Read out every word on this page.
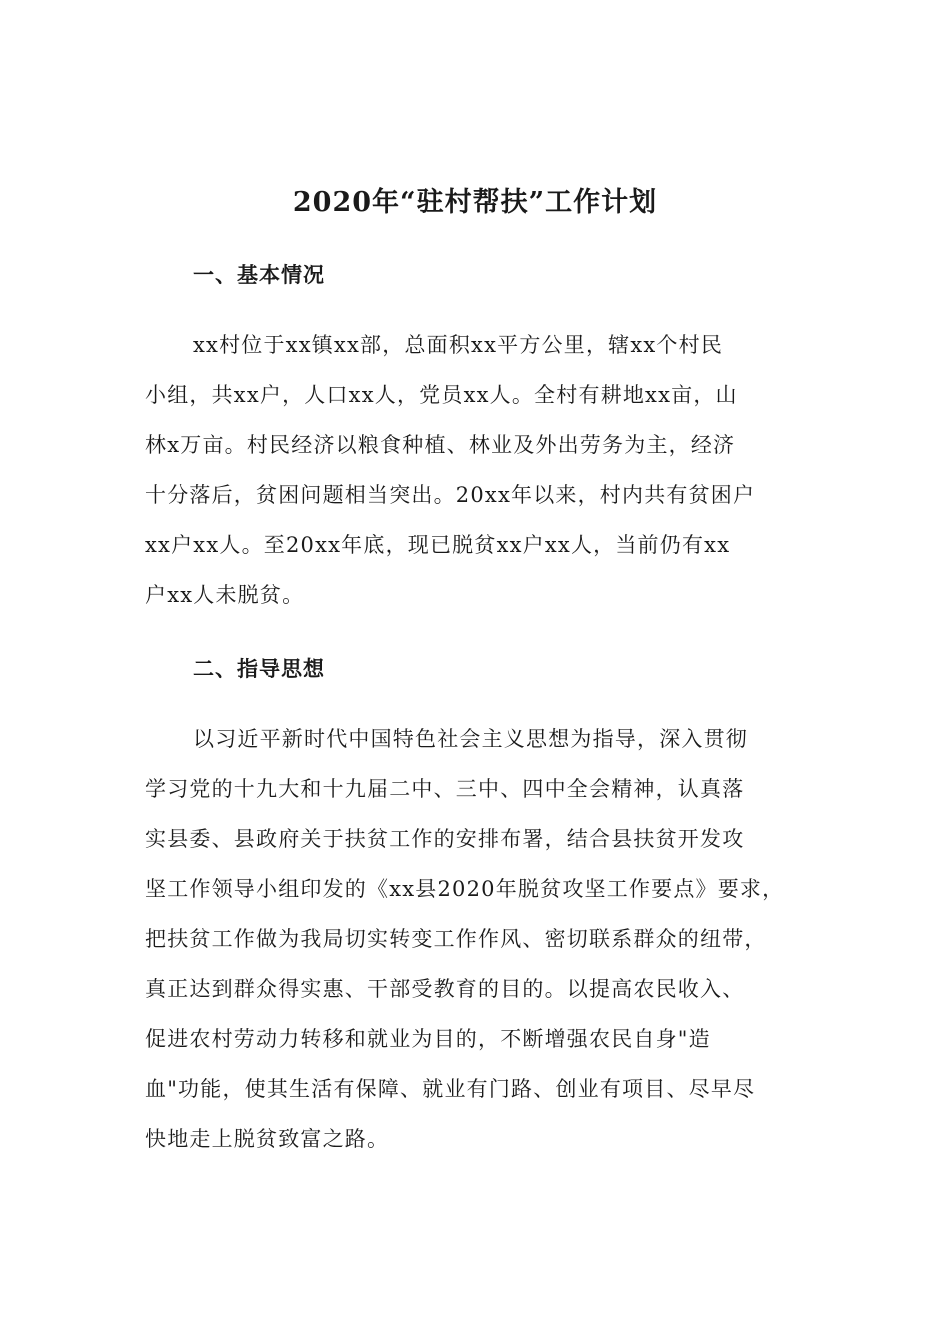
2020年“驻村帮扶”工作计划
一、基本情况

xx村位于xx镇xx部，总面积xx平方公里，辖xx个村民

小组，共xx户，人口xx人，党员xx人。全村有耕地xx亩，山

林x万亩。村民经济以粮食种植、林业及外出劳务为主，经济

十分落后，贫困问题相当突出。20xx年以来，村内共有贫困户

xx户xx人。至20xx年底，现已脱贫xx户xx人，当前仍有xx

户xx人未脱贫。

二、指导思想

以习近平新时代中国特色社会主义思想为指导，深入贯彻

学习党的十九大和十九届二中、三中、四中全会精神，认真落

实县委、县政府关于扶贫工作的安排布署，结合县扶贫开发攻

坚工作领导小组印发的《xx县2020年脱贫攻坚工作要点》要求，

把扶贫工作做为我局切实转变工作作风、密切联系群众的纽带，

真正达到群众得实惠、干部受教育的目的。以提高农民收入、

促进农村劳动力转移和就业为目的，不断增强农民自身"造

血"功能，使其生活有保障、就业有门路、创业有项目、尽早尽

快地走上脱贫致富之路。
